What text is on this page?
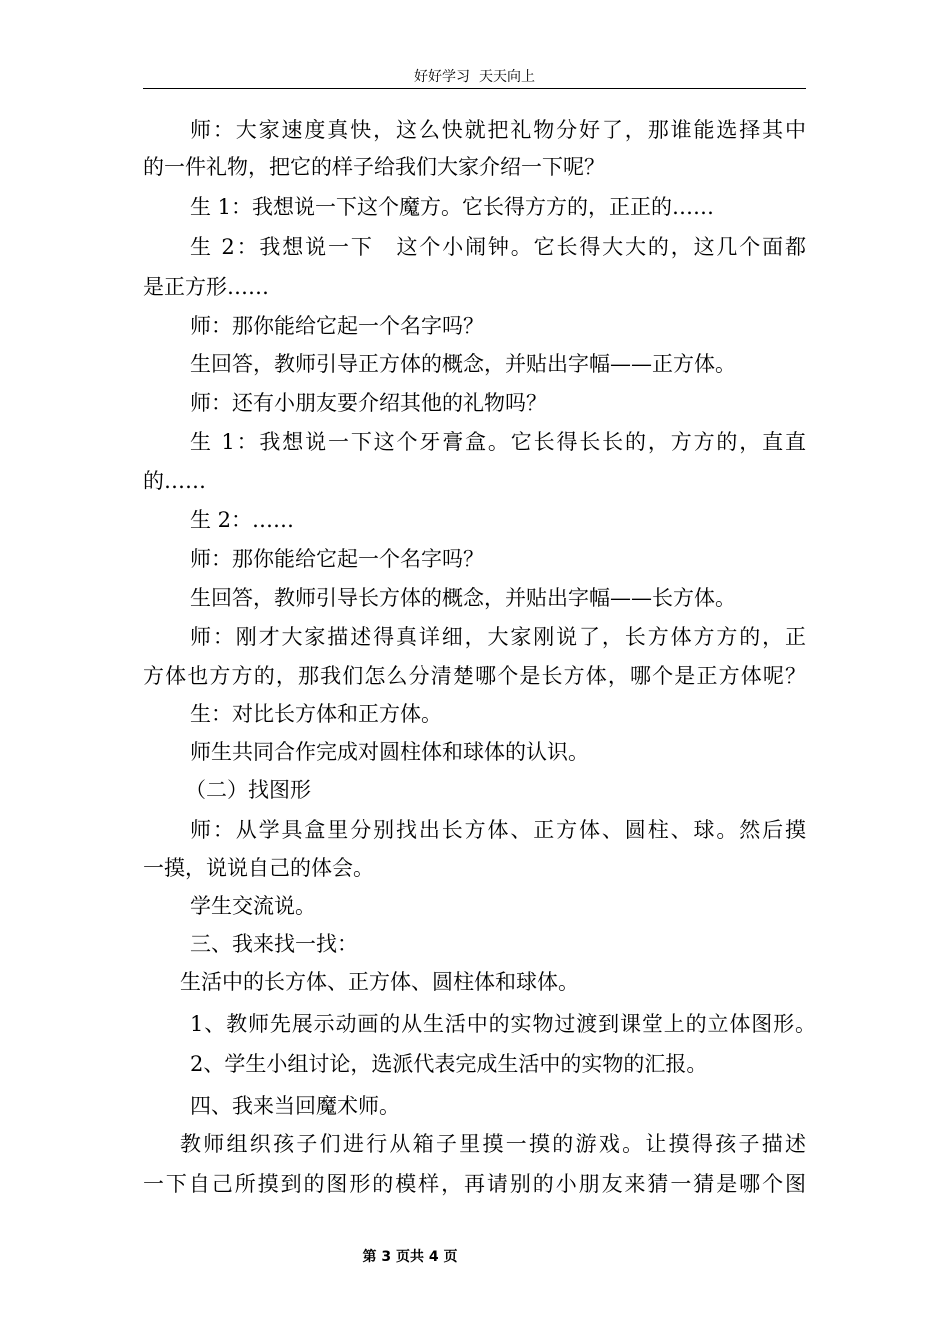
好好学习  天天向上
师：大家速度真快，这么快就把礼物分好了，那谁能选择其中
的一件礼物，把它的样子给我们大家介绍一下呢？
生 1：我想说一下这个魔方。它长得方方的，正正的……
生 2：我想说一下　这个小闹钟。它长得大大的，这几个面都
是正方形……
师：那你能给它起一个名字吗？
生回答，教师引导正方体的概念，并贴出字幅——正方体。
师：还有小朋友要介绍其他的礼物吗？
生 1：我想说一下这个牙膏盒。它长得长长的，方方的，直直
的……
生 2：……
师：那你能给它起一个名字吗？
生回答，教师引导长方体的概念，并贴出字幅——长方体。
师：刚才大家描述得真详细，大家刚说了，长方体方方的，正
方体也方方的，那我们怎么分清楚哪个是长方体，哪个是正方体呢？
生：对比长方体和正方体。
师生共同合作完成对圆柱体和球体的认识。
（二）找图形
师：从学具盒里分别找出长方体、正方体、圆柱、球。然后摸
一摸，说说自己的体会。
学生交流说。
三、我来找一找：
生活中的长方体、正方体、圆柱体和球体。
1、教师先展示动画的从生活中的实物过渡到课堂上的立体图形。
2、学生小组讨论，选派代表完成生活中的实物的汇报。
四、我来当回魔术师。
教师组织孩子们进行从箱子里摸一摸的游戏。让摸得孩子描述
一下自己所摸到的图形的模样，再请别的小朋友来猜一猜是哪个图
第 3 页共 4 页
